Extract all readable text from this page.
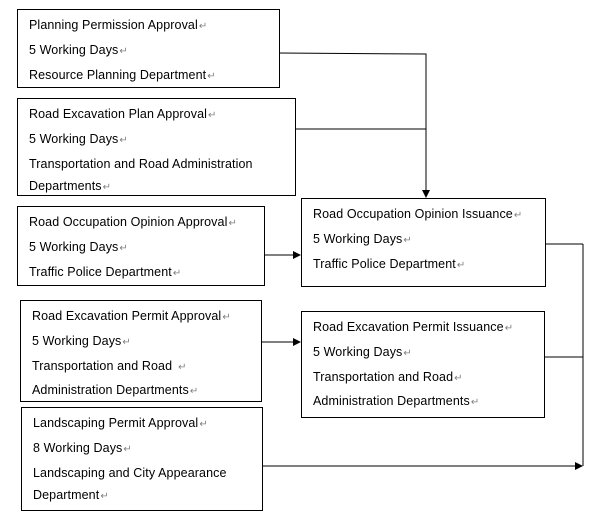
Planning Permission Approval↵
5 Working Days↵
Resource Planning Department↵
Road Excavation Plan Approval↵
5 Working Days↵
Transportation and Road Administration
Departments↵
Road Occupation Opinion Approval↵
5 Working Days↵
Traffic Police Department↵
Road Occupation Opinion Issuance↵
5 Working Days↵
Traffic Police Department↵
Road Excavation Permit Approval↵
5 Working Days↵
Transportation and Road ↵
Administration Departments↵
Road Excavation Permit Issuance↵
5 Working Days↵
Transportation and Road↵
Administration Departments↵
Landscaping Permit Approval↵
8 Working Days↵
Landscaping and City Appearance
Department↵
